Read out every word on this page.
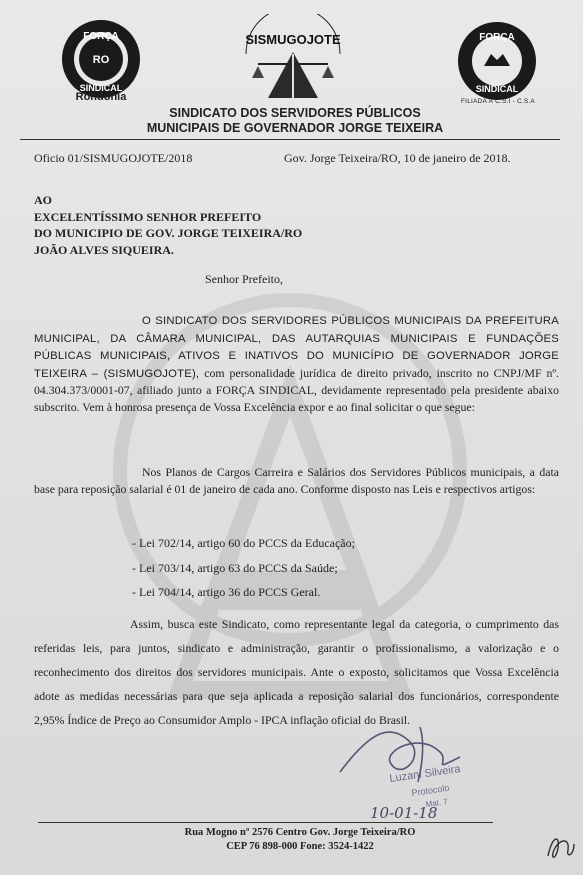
FORÇA
SINDICAL
RO
Rondônia
SISMUGOJOTE	FORÇA
SINDICAL
FILIADA À C.S.I - C.S.A
SINDICATO DOS SERVIDORES PÚBLICOS
MUNICIPAIS DE GOVERNADOR JORGE TEIXEIRA
Oficio 01/SISMUGOJOTE/2018	Gov. Jorge Teixeira/RO, 10 de janeiro de 2018.
AO
EXCELENTÍSSIMO SENHOR PREFEITO
DO MUNICIPIO DE GOV. JORGE TEIXEIRA/RO
JOÃO ALVES SIQUEIRA.
Senhor Prefeito,
O SINDICATO DOS SERVIDORES PÚBLICOS MUNICIPAIS DA PREFEITURA MUNICIPAL, DA CÂMARA MUNICIPAL, DAS AUTARQUIAS MUNICIPAIS E FUNDAÇÕES PÚBLICAS MUNICIPAIS, ATIVOS E INATIVOS DO MUNICÍPIO DE GOVERNADOR JORGE TEIXEIRA – (SISMUGOJOTE), com personalidade jurídica de direito privado, inscrito no CNPJ/MF nº. 04.304.373/0001-07, afiliado junto a FORÇA SINDICAL, devidamente representado pela presidente abaixo subscrito. Vem à honrosa presença de Vossa Excelência expor e ao final solicitar o que segue:
Nos Planos de Cargos Carreira e Salários dos Servidores Públicos municipais, a data base para reposição salarial é 01 de janeiro de cada ano. Conforme disposto nas Leis e respectivos artigos:
- Lei 702/14, artigo 60 do PCCS da Educação;
- Lei 703/14, artigo 63 do PCCS da Saúde;
- Lei 704/14, artigo 36 do PCCS Geral.
Assim, busca este Sindicato, como representante legal da categoria, o cumprimento das referidas leis, para juntos, sindicato e administração, garantir o profissionalismo, a valorização e o reconhecimento dos direitos dos servidores municipais. Ante o exposto, solicitamos que Vossa Excelência adote as medidas necessárias para que seja aplicada a reposição salarial dos funcionários, correspondente 2,95% Índice de Preço ao Consumidor Amplo - IPCA inflação oficial do Brasil.
Luzani Silveira
Protocolo
Mat. 7
10-01-18
Rua Mogno nº 2576 Centro Gov. Jorge Teixeira/RO
CEP 76 898-000 Fone: 3524-1422
